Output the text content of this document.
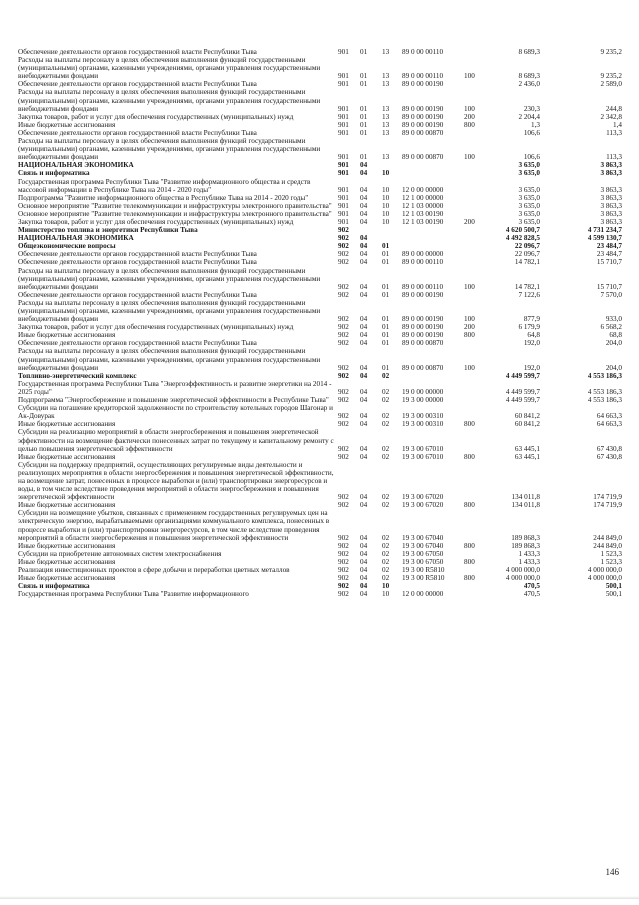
Обеспечение деятельности органов государственной власти Республики Тыва	901	01	13	89 0 00 00110		8 689,3	9 235,2
Расходы на выплаты персоналу в целях обеспечения выполнения функций государственными (муниципальными) органами, казенными учреждениями, органами управления государственными внебюджетными фондами	901	01	13	89 0 00 00110	100	8 689,3	9 235,2
Обеспечение деятельности органов государственной власти Республики Тыва	901	01	13	89 0 00 00190		2 436,0	2 589,0
Расходы на выплаты персоналу в целях обеспечения выполнения функций государственными (муниципальными) органами, казенными учреждениями, органами управления государственными внебюджетными фондами	901	01	13	89 0 00 00190	100	230,3	244,8
Закупка товаров, работ и услуг для обеспечения государственных (муниципальных) нужд	901	01	13	89 0 00 00190	200	2 204,4	2 342,8
Иные бюджетные ассигнования	901	01	13	89 0 00 00190	800	1,3	1,4
Обеспечение деятельности органов государственной власти Республики Тыва	901	01	13	89 0 00 00870		106,6	113,3
Расходы на выплаты персоналу в целях обеспечения выполнения функций государственными (муниципальными) органами, казенными учреждениями, органами управления государственными внебюджетными фондами	901	01	13	89 0 00 00870	100	106,6	113,3
НАЦИОНАЛЬНАЯ ЭКОНОМИКА	901	04				3 635,0	3 863,3
Связь и информатика	901	04	10			3 635,0	3 863,3
Государственная программа Республики Тыва "Развитие информационного общества и средств массовой информации в Республике Тыва на 2014 - 2020 годы"	901	04	10	12 0 00 00000		3 635,0	3 863,3
Подпрограмма "Развитие информационного общества в Республике Тыва на 2014 - 2020 годы"	901	04	10	12 1 00 00000		3 635,0	3 863,3
Основное мероприятие "Развитие телекоммуникации и инфраструктуры электронного правительства"	901	04	10	12 1 03 00000		3 635,0	3 863,3
Основное мероприятие "Развитие телекоммуникации и инфраструктуры электронного правительства"	901	04	10	12 1 03 00190		3 635,0	3 863,3
Закупка товаров, работ и услуг для обеспечения государственных (муниципальных) нужд	901	04	10	12 1 03 00190	200	3 635,0	3 863,3
Министерство топлива и энергетики Республики Тыва	902					4 620 500,7	4 731 234,7
НАЦИОНАЛЬНАЯ ЭКОНОМИКА	902	04				4 492 828,5	4 599 130,7
Общеэкономические вопросы	902	04	01			22 096,7	23 484,7
Обеспечение деятельности органов государственной власти Республики Тыва	902	04	01	89 0 00 00000		22 096,7	23 484,7
Обеспечение деятельности органов государственной власти Республики Тыва	902	04	01	89 0 00 00110		14 782,1	15 710,7
Расходы на выплаты персоналу в целях обеспечения выполнения функций государственными (муниципальными) органами, казенными учреждениями, органами управления государственными внебюджетными фондами	902	04	01	89 0 00 00110	100	14 782,1	15 710,7
Обеспечение деятельности органов государственной власти Республики Тыва	902	04	01	89 0 00 00190		7 122,6	7 570,0
Расходы на выплаты персоналу в целях обеспечения выполнения функций государственными (муниципальными) органами, казенными учреждениями, органами управления государственными внебюджетными фондами	902	04	01	89 0 00 00190	100	877,9	933,0
Закупка товаров, работ и услуг для обеспечения государственных (муниципальных) нужд	902	04	01	89 0 00 00190	200	6 179,9	6 568,2
Иные бюджетные ассигнования	902	04	01	89 0 00 00190	800	64,8	68,8
Обеспечение деятельности органов государственной власти Республики Тыва	902	04	01	89 0 00 00870		192,0	204,0
Расходы на выплаты персоналу в целях обеспечения выполнения функций государственными (муниципальными) органами, казенными учреждениями, органами управления государственными внебюджетными фондами	902	04	01	89 0 00 00870	100	192,0	204,0
Топливно-энергетический комплекс	902	04	02			4 449 599,7	4 553 186,3
Государственная программа Республики Тыва "Энергоэффективность и развитие энергетики на 2014 - 2025 годы"	902	04	02	19 0 00 00000		4 449 599,7	4 553 186,3
Подпрограмма "Энергосбережение и повышение энергетической эффективности в Республике Тыва"	902	04	02	19 3 00 00000		4 449 599,7	4 553 186,3
Субсидии на погашение кредиторской задолженности по строительству котельных городов Шагонар и Ак-Довурак	902	04	02	19 3 00 00310		60 841,2	64 663,3
Иные бюджетные ассигнования	902	04	02	19 3 00 00310	800	60 841,2	64 663,3
Субсидии на реализацию мероприятий в области энергосбережения и повышения энергетической эффективности на возмещение фактически понесенных затрат по текущему и капитальному ремонту с целью повышения энергетической эффективности	902	04	02	19 3 00 67010		63 445,1	67 430,8
Иные бюджетные ассигнования	902	04	02	19 3 00 67010	800	63 445,1	67 430,8
Субсидии на поддержку предприятий, осуществляющих регулируемые виды деятельности и реализующих мероприятия в области энергосбережения и повышения энергетической эффективности, на возмещение затрат, понесенных в процессе выработки и (или) транспортировки энергоресурсов и воды, в том числе вследствие проведения мероприятий в области энергосбережения и повышения энергетической эффективности	902	04	02	19 3 00 67020		134 011,8	174 719,9
Иные бюджетные ассигнования	902	04	02	19 3 00 67020	800	134 011,8	174 719,9
Субсидии на возмещение убытков, связанных с применением государственных регулируемых цен на электрическую энергию, вырабатываемыми организациями коммунального комплекса, понесенных в процессе выработки и (или) транспортировки энергоресурсов, в том числе вследствие проведения мероприятий в области энергосбережения и повышения энергетической эффективности	902	04	02	19 3 00 67040		189 868,3	244 849,0
Иные бюджетные ассигнования	902	04	02	19 3 00 67040	800	189 868,3	244 849,0
Субсидии на приобретение автономных систем электроснабжения	902	04	02	19 3 00 67050		1 433,3	1 523,3
Иные бюджетные ассигнования	902	04	02	19 3 00 67050	800	1 433,3	1 523,3
Реализация инвестиционных проектов в сфере добычи и переработки цветных металлов	902	04	02	19 3 00 R5810		4 000 000,0	4 000 000,0
Иные бюджетные ассигнования	902	04	02	19 3 00 R5810	800	4 000 000,0	4 000 000,0
Связь и информатика	902	04	10			470,5	500,1
Государственная программа Республики Тыва "Развитие информационного	902	04	10	12 0 00 00000		470,5	500,1
146
